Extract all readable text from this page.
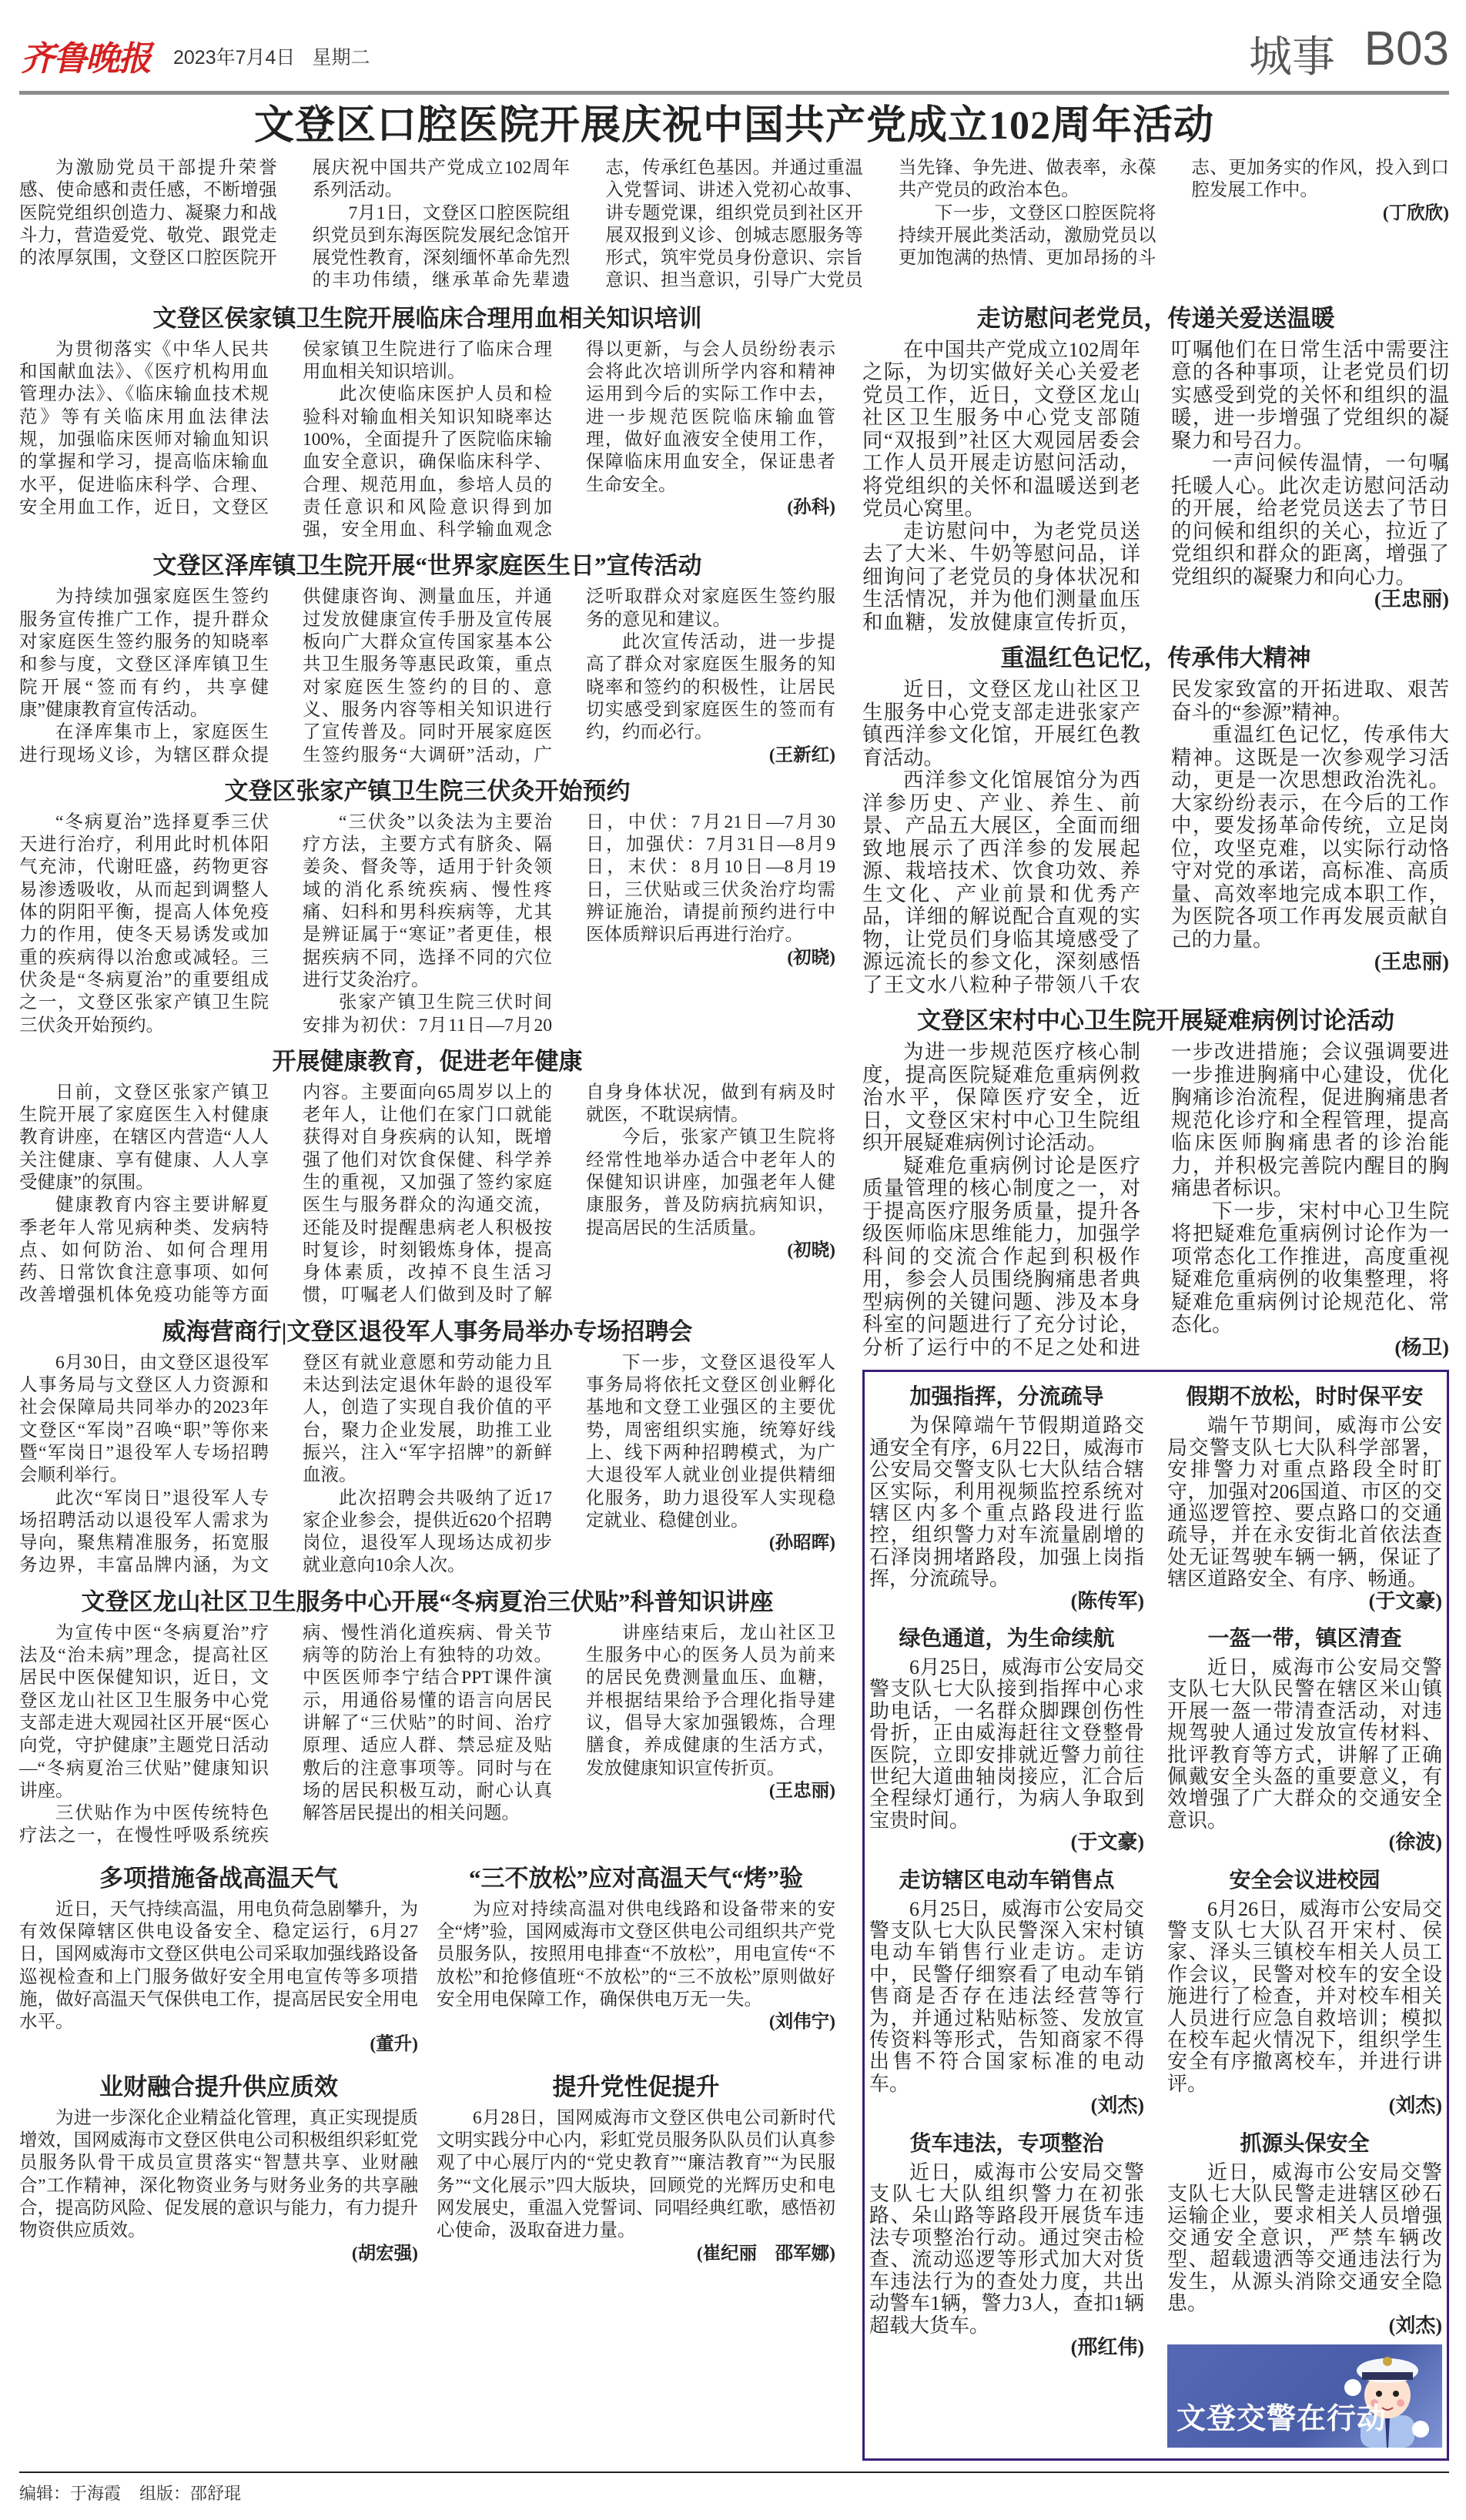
齐鲁晚报 2023年7月4日 星期二	城事 B03
文登区口腔医院开展庆祝中国共产党成立102周年活动

为激励党员干部提升荣誉感、使命感和责任感，不断增强医院党组织创造力、凝聚力和战斗力，营造爱党、敬党、跟党走的浓厚氛围，文登区口腔医院开展庆祝中国共产党成立102周年系列活动。

7月1日，文登区口腔医院组织党员到东海医院发展纪念馆开展党性教育，深刻缅怀革命先烈的丰功伟绩，继承革命先辈遗志，传承红色基因。并通过重温入党誓词、讲述入党初心故事、讲专题党课，组织党员到社区开展双报到义诊、创城志愿服务等形式，筑牢党员身份意识、宗旨意识、担当意识，引导广大党员当先锋、争先进、做表率，永葆共产党员的政治本色。

下一步，文登区口腔医院将持续开展此类活动，激励党员以更加饱满的热情、更加昂扬的斗志、更加务实的作风，投入到口腔发展工作中。

(丁欣欣)

文登区侯家镇卫生院开展临床合理用血相关知识培训

为贯彻落实《中华人民共和国献血法》、《医疗机构用血管理办法》、《临床输血技术规范》等有关临床用血法律法规，加强临床医师对输血知识的掌握和学习，提高临床输血水平，促进临床科学、合理、安全用血工作，近日，文登区侯家镇卫生院进行了临床合理用血相关知识培训。

此次使临床医护人员和检验科对输血相关知识知晓率达100%，全面提升了医院临床输血安全意识，确保临床科学、合理、规范用血，参培人员的责任意识和风险意识得到加强，安全用血、科学输血观念得以更新，与会人员纷纷表示会将此次培训所学内容和精神运用到今后的实际工作中去，进一步规范医院临床输血管理，做好血液安全使用工作，保障临床用血安全，保证患者生命安全。

(孙科)

文登区泽库镇卫生院开展“世界家庭医生日”宣传活动

为持续加强家庭医生签约服务宣传推广工作，提升群众对家庭医生签约服务的知晓率和参与度，文登区泽库镇卫生院开展“签而有约，共享健康”健康教育宣传活动。

在泽库集市上，家庭医生进行现场义诊，为辖区群众提供健康咨询、测量血压，并通过发放健康宣传手册及宣传展板向广大群众宣传国家基本公共卫生服务等惠民政策，重点对家庭医生签约的目的、意义、服务内容等相关知识进行了宣传普及。同时开展家庭医生签约服务“大调研”活动，广泛听取群众对家庭医生签约服务的意见和建议。

此次宣传活动，进一步提高了群众对家庭医生服务的知晓率和签约的积极性，让居民切实感受到家庭医生的签而有约，约而必行。

(王新红)

文登区张家产镇卫生院三伏灸开始预约

“冬病夏治”选择夏季三伏天进行治疗，利用此时机体阳气充沛，代谢旺盛，药物更容易渗透吸收，从而起到调整人体的阴阳平衡，提高人体免疫力的作用，使冬天易诱发或加重的疾病得以治愈或减轻。三伏灸是“冬病夏治”的重要组成之一，文登区张家产镇卫生院三伏灸开始预约。

“三伏灸”以灸法为主要治疗方法，主要方式有脐灸、隔姜灸、督灸等，适用于针灸领域的消化系统疾病、慢性疼痛、妇科和男科疾病等，尤其是辨证属于“寒证”者更佳，根据疾病不同，选择不同的穴位进行艾灸治疗。

张家产镇卫生院三伏时间安排为初伏：7月11日—7月20日，中伏：7月21日—7月30日，加强伏：7月31日—8月9日，末伏：8月10日—8月19日，三伏贴或三伏灸治疗均需辨证施治，请提前预约进行中医体质辩识后再进行治疗。

(初晓)

开展健康教育，促进老年健康

日前，文登区张家产镇卫生院开展了家庭医生入村健康教育讲座，在辖区内营造“人人关注健康、享有健康、人人享受健康”的氛围。

健康教育内容主要讲解夏季老年人常见病种类、发病特点、如何防治、如何合理用药、日常饮食注意事项、如何改善增强机体免疫功能等方面内容。主要面向65周岁以上的老年人，让他们在家门口就能获得对自身疾病的认知，既增强了他们对饮食保健、科学养生的重视，又加强了签约家庭医生与服务群众的沟通交流，还能及时提醒患病老人积极按时复诊，时刻锻炼身体，提高身体素质，改掉不良生活习惯，叮嘱老人们做到及时了解自身身体状况，做到有病及时就医，不耽误病情。

今后，张家产镇卫生院将经常性地举办适合中老年人的保健知识讲座，加强老年人健康服务，普及防病抗病知识，提高居民的生活质量。

(初晓)

威海营商行|文登区退役军人事务局举办专场招聘会

6月30日，由文登区退役军人事务局与文登区人力资源和社会保障局共同举办的2023年文登区“军岗”召唤“职”等你来暨“军岗日”退役军人专场招聘会顺利举行。

此次“军岗日”退役军人专场招聘活动以退役军人需求为导向，聚焦精准服务，拓宽服务边界，丰富品牌内涵，为文登区有就业意愿和劳动能力且未达到法定退休年龄的退役军人，创造了实现自我价值的平台，聚力企业发展，助推工业振兴，注入“军字招牌”的新鲜血液。

此次招聘会共吸纳了近17家企业参会，提供近620个招聘岗位，退役军人现场达成初步就业意向10余人次。

下一步，文登区退役军人事务局将依托文登区创业孵化基地和文登工业强区的主要优势，周密组织实施，统筹好线上、线下两种招聘模式，为广大退役军人就业创业提供精细化服务，助力退役军人实现稳定就业、稳健创业。

(孙昭晖)

文登区龙山社区卫生服务中心开展“冬病夏治三伏贴”科普知识讲座

为宣传中医“冬病夏治”疗法及“治未病”理念，提高社区居民中医保健知识，近日，文登区龙山社区卫生服务中心党支部走进大观园社区开展“医心向党，守护健康”主题党日活动—“冬病夏治三伏贴”健康知识讲座。

三伏贴作为中医传统特色疗法之一，在慢性呼吸系统疾病、慢性消化道疾病、骨关节病等的防治上有独特的功效。中医医师李宁结合PPT课件演示，用通俗易懂的语言向居民讲解了“三伏贴”的时间、治疗原理、适应人群、禁忌症及贴敷后的注意事项等。同时与在场的居民积极互动，耐心认真解答居民提出的相关问题。

讲座结束后，龙山社区卫生服务中心的医务人员为前来的居民免费测量血压、血糖，并根据结果给予合理化指导建议，倡导大家加强锻炼，合理膳食，养成健康的生活方式，发放健康知识宣传折页。

(王忠丽)

多项措施备战高温天气

近日，天气持续高温，用电负荷急剧攀升，为有效保障辖区供电设备安全、稳定运行，6月27日，国网威海市文登区供电公司采取加强线路设备巡视检查和上门服务做好安全用电宣传等多项措施，做好高温天气保供电工作，提高居民安全用电水平。

(董升)

“三不放松”应对高温天气“烤”验

为应对持续高温对供电线路和设备带来的安全“烤”验，国网威海市文登区供电公司组织共产党员服务队，按照用电排查“不放松”，用电宣传“不放松”和抢修值班“不放松”的“三不放松”原则做好安全用电保障工作，确保供电万无一失。

(刘伟宁)

业财融合提升供应质效

为进一步深化企业精益化管理，真正实现提质增效，国网威海市文登区供电公司积极组织彩虹党员服务队骨干成员宣贯落实“智慧共享、业财融合”工作精神，深化物资业务与财务业务的共享融合，提高防风险、促发展的意识与能力，有力提升物资供应质效。

(胡宏强)

提升党性促提升

6月28日，国网威海市文登区供电公司新时代文明实践分中心内，彩虹党员服务队队员们认真参观了中心展厅内的“党史教育”“廉洁教育”“为民服务”“文化展示”四大版块，回顾党的光辉历史和电网发展史，重温入党誓词、同唱经典红歌，感悟初心使命，汲取奋进力量。

(崔纪丽　邵军娜)

走访慰问老党员，传递关爱送温暖

在中国共产党成立102周年之际，为切实做好关心关爱老党员工作，近日，文登区龙山社区卫生服务中心党支部随同“双报到”社区大观园居委会工作人员开展走访慰问活动，将党组织的关怀和温暖送到老党员心窝里。

走访慰问中，为老党员送去了大米、牛奶等慰问品，详细询问了老党员的身体状况和生活情况，并为他们测量血压和血糖，发放健康宣传折页，叮嘱他们在日常生活中需要注意的各种事项，让老党员们切实感受到党的关怀和组织的温暖，进一步增强了党组织的凝聚力和号召力。

一声问候传温情，一句嘱托暖人心。此次走访慰问活动的开展，给老党员送去了节日的问候和组织的关心，拉近了党组织和群众的距离，增强了党组织的凝聚力和向心力。

(王忠丽)

重温红色记忆，传承伟大精神

近日，文登区龙山社区卫生服务中心党支部走进张家产镇西洋参文化馆，开展红色教育活动。

西洋参文化馆展馆分为西洋参历史、产业、养生、前景、产品五大展区，全面而细致地展示了西洋参的发展起源、栽培技术、饮食功效、养生文化、产业前景和优秀产品，详细的解说配合直观的实物，让党员们身临其境感受了源远流长的参文化，深刻感悟了王文水八粒种子带领八千农民发家致富的开拓进取、艰苦奋斗的“参源”精神。

重温红色记忆，传承伟大精神。这既是一次参观学习活动，更是一次思想政治洗礼。大家纷纷表示，在今后的工作中，要发扬革命传统，立足岗位，攻坚克难，以实际行动恪守对党的承诺，高标准、高质量、高效率地完成本职工作，为医院各项工作再发展贡献自己的力量。

(王忠丽)

文登区宋村中心卫生院开展疑难病例讨论活动

为进一步规范医疗核心制度，提高医院疑难危重病例救治水平，保障医疗安全，近日，文登区宋村中心卫生院组织开展疑难病例讨论活动。

疑难危重病例讨论是医疗质量管理的核心制度之一，对于提高医疗服务质量，提升各级医师临床思维能力，加强学科间的交流合作起到积极作用，参会人员围绕胸痛患者典型病例的关键问题、涉及本身科室的问题进行了充分讨论，分析了运行中的不足之处和进一步改进措施；会议强调要进一步推进胸痛中心建设，优化胸痛诊治流程，促进胸痛患者规范化诊疗和全程管理，提高临床医师胸痛患者的诊治能力，并积极完善院内醒目的胸痛患者标识。

下一步，宋村中心卫生院将把疑难危重病例讨论作为一项常态化工作推进，高度重视疑难危重病例的收集整理，将疑难危重病例讨论规范化、常态化。

(杨卫)

加强指挥，分流疏导

为保障端午节假期道路交通安全有序，6月22日，威海市公安局交警支队七大队结合辖区实际，利用视频监控系统对辖区内多个重点路段进行监控，组织警力对车流量剧增的石泽岗拥堵路段，加强上岗指挥，分流疏导。

(陈传军)

假期不放松，时时保平安

端午节期间，威海市公安局交警支队七大队科学部署，安排警力对重点路段全时盯守，加强对206国道、市区的交通巡逻管控、要点路口的交通疏导，并在永安街北首依法查处无证驾驶车辆一辆，保证了辖区道路安全、有序、畅通。

(于文豪)

绿色通道，为生命续航

6月25日，威海市公安局交警支队七大队接到指挥中心求助电话，一名群众脚踝创伤性骨折，正由威海赶往文登整骨医院，立即安排就近警力前往世纪大道曲轴岗接应，汇合后全程绿灯通行，为病人争取到宝贵时间。

(于文豪)

一盔一带，镇区清查

近日，威海市公安局交警支队七大队民警在辖区米山镇开展一盔一带清查活动，对违规驾驶人通过发放宣传材料、批评教育等方式，讲解了正确佩戴安全头盔的重要意义，有效增强了广大群众的交通安全意识。

(徐波)

走访辖区电动车销售点

6月25日，威海市公安局交警支队七大队民警深入宋村镇电动车销售行业走访。走访中，民警仔细察看了电动车销售商是否存在违法经营等行为，并通过粘贴标签、发放宣传资料等形式，告知商家不得出售不符合国家标准的电动车。

(刘杰)

安全会议进校园

6月26日，威海市公安局交警支队七大队召开宋村、侯家、泽头三镇校车相关人员工作会议，民警对校车的安全设施进行了检查，并对校车相关人员进行应急自救培训；模拟在校车起火情况下，组织学生安全有序撤离校车，并进行讲评。

(刘杰)

货车违法，专项整治

近日，威海市公安局交警支队七大队组织警力在初张路、朵山路等路段开展货车违法专项整治行动。通过突击检查、流动巡逻等形式加大对货车违法行为的查处力度，共出动警车1辆，警力3人，查扣1辆超载大货车。

(邢红伟)

抓源头保安全

近日，威海市公安局交警支队七大队民警走进辖区砂石运输企业，要求相关人员增强交通安全意识，严禁车辆改型、超载遗洒等交通违法行为发生，从源头消除交通安全隐患。

(刘杰)

文登交警在行动
编辑：于海霞 组版：邵舒琨
